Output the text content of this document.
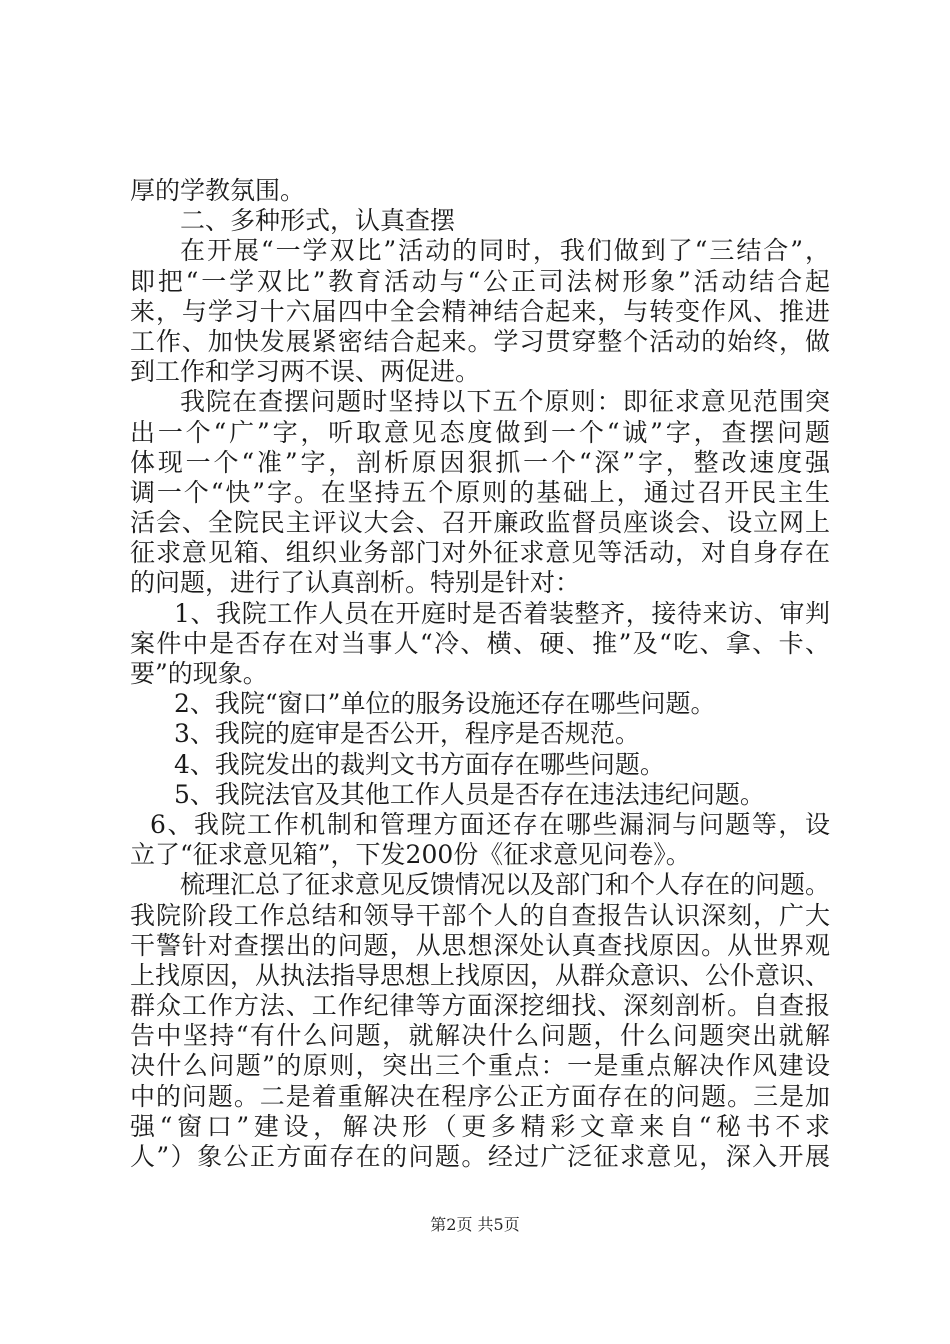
厚的学教氛围。
二、多种形式，认真查摆
在开展“一学双比”活动的同时，我们做到了“三结合”，
即把“一学双比”教育活动与“公正司法树形象”活动结合起
来，与学习十六届四中全会精神结合起来，与转变作风、推进
工作、加快发展紧密结合起来。学习贯穿整个活动的始终，做
到工作和学习两不误、两促进。
我院在查摆问题时坚持以下五个原则：即征求意见范围突
出一个“广”字，听取意见态度做到一个“诚”字，查摆问题
体现一个“准”字，剖析原因狠抓一个“深”字，整改速度强
调一个“快”字。在坚持五个原则的基础上，通过召开民主生
活会、全院民主评议大会、召开廉政监督员座谈会、设立网上
征求意见箱、组织业务部门对外征求意见等活动，对自身存在
的问题，进行了认真剖析。特别是针对：
1、我院工作人员在开庭时是否着装整齐，接待来访、审判
案件中是否存在对当事人“冷、横、硬、推”及“吃、拿、卡、
要”的现象。
2、我院“窗口”单位的服务设施还存在哪些问题。
3、我院的庭审是否公开，程序是否规范。
4、我院发出的裁判文书方面存在哪些问题。
5、我院法官及其他工作人员是否存在违法违纪问题。
6、我院工作机制和管理方面还存在哪些漏洞与问题等，设
立了“征求意见箱”，下发200份《征求意见问卷》。
梳理汇总了征求意见反馈情况以及部门和个人存在的问题。
我院阶段工作总结和领导干部个人的自查报告认识深刻，广大
干警针对查摆出的问题，从思想深处认真查找原因。从世界观
上找原因，从执法指导思想上找原因，从群众意识、公仆意识、
群众工作方法、工作纪律等方面深挖细找、深刻剖析。自查报
告中坚持“有什么问题，就解决什么问题，什么问题突出就解
决什么问题”的原则，突出三个重点：一是重点解决作风建设
中的问题。二是着重解决在程序公正方面存在的问题。三是加
强“窗口”建设，解决形（更多精彩文章来自“秘书不求
人”）象公正方面存在的问题。经过广泛征求意见，深入开展
第2页 共5页
